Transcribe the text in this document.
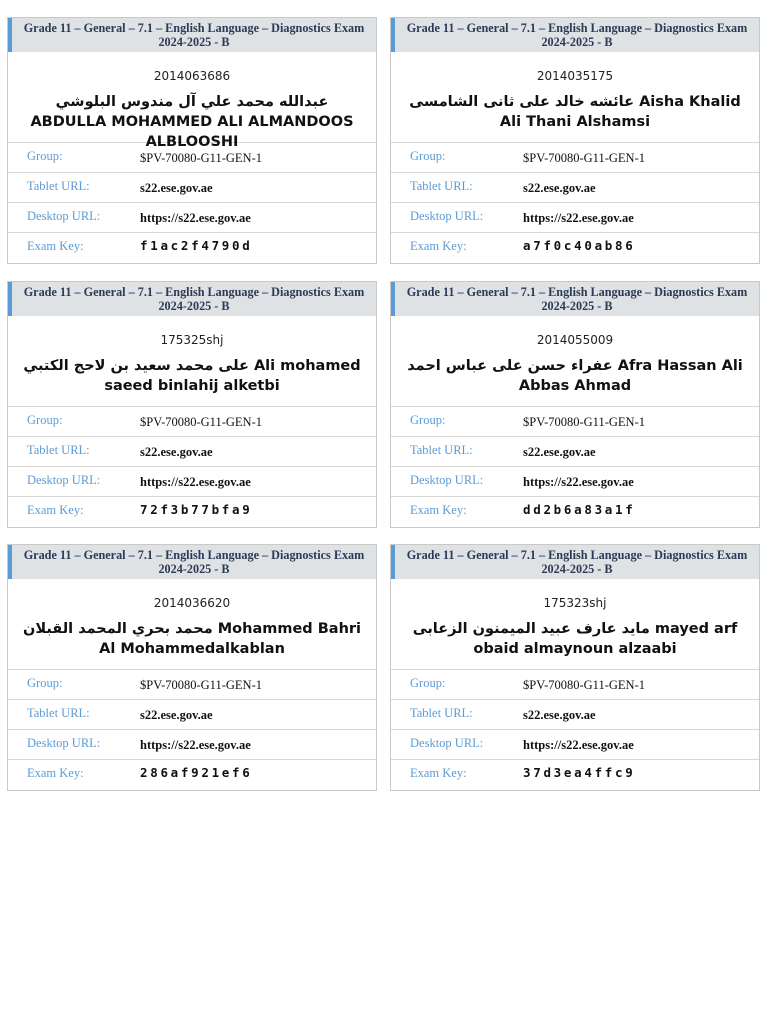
Grade 11 – General – 7.1 – English Language – Diagnostics Exam
2024-2025 - B
2014063686
عبدالله محمد علي آل مندوس البلوشي ABDULLA MOHAMMED ALI ALMANDOOS ALBLOOSHI
Group:	$PV-70080-G11-GEN-1
Tablet URL:	s22.ese.gov.ae
Desktop URL:	https://s22.ese.gov.ae
Exam Key:	f1ac2f4790d
Grade 11 – General – 7.1 – English Language – Diagnostics Exam
2024-2025 - B
2014035175
عائشه خالد على ثانى الشامسى Aisha Khalid Ali Thani Alshamsi
Group:	$PV-70080-G11-GEN-1
Tablet URL:	s22.ese.gov.ae
Desktop URL:	https://s22.ese.gov.ae
Exam Key:	a7f0c40ab86
Grade 11 – General – 7.1 – English Language – Diagnostics Exam
2024-2025 - B
175325shj
على محمد سعيد بن لاحج الكتبي Ali mohamed saeed binlahij alketbi
Group:	$PV-70080-G11-GEN-1
Tablet URL:	s22.ese.gov.ae
Desktop URL:	https://s22.ese.gov.ae
Exam Key:	72f3b77bfa9
Grade 11 – General – 7.1 – English Language – Diagnostics Exam
2024-2025 - B
2014055009
عفراء حسن على عباس احمد Afra Hassan Ali Abbas Ahmad
Group:	$PV-70080-G11-GEN-1
Tablet URL:	s22.ese.gov.ae
Desktop URL:	https://s22.ese.gov.ae
Exam Key:	dd2b6a83a1f
Grade 11 – General – 7.1 – English Language – Diagnostics Exam
2024-2025 - B
2014036620
محمد بحري المحمد القبلان Mohammed Bahri Al Mohammedalkablan
Group:	$PV-70080-G11-GEN-1
Tablet URL:	s22.ese.gov.ae
Desktop URL:	https://s22.ese.gov.ae
Exam Key:	286af921ef6
Grade 11 – General – 7.1 – English Language – Diagnostics Exam
2024-2025 - B
175323shj
مايد عارف عبيد الميمنون الزعابى mayed arf obaid almaynoun alzaabi
Group:	$PV-70080-G11-GEN-1
Tablet URL:	s22.ese.gov.ae
Desktop URL:	https://s22.ese.gov.ae
Exam Key:	37d3ea4ffc9
